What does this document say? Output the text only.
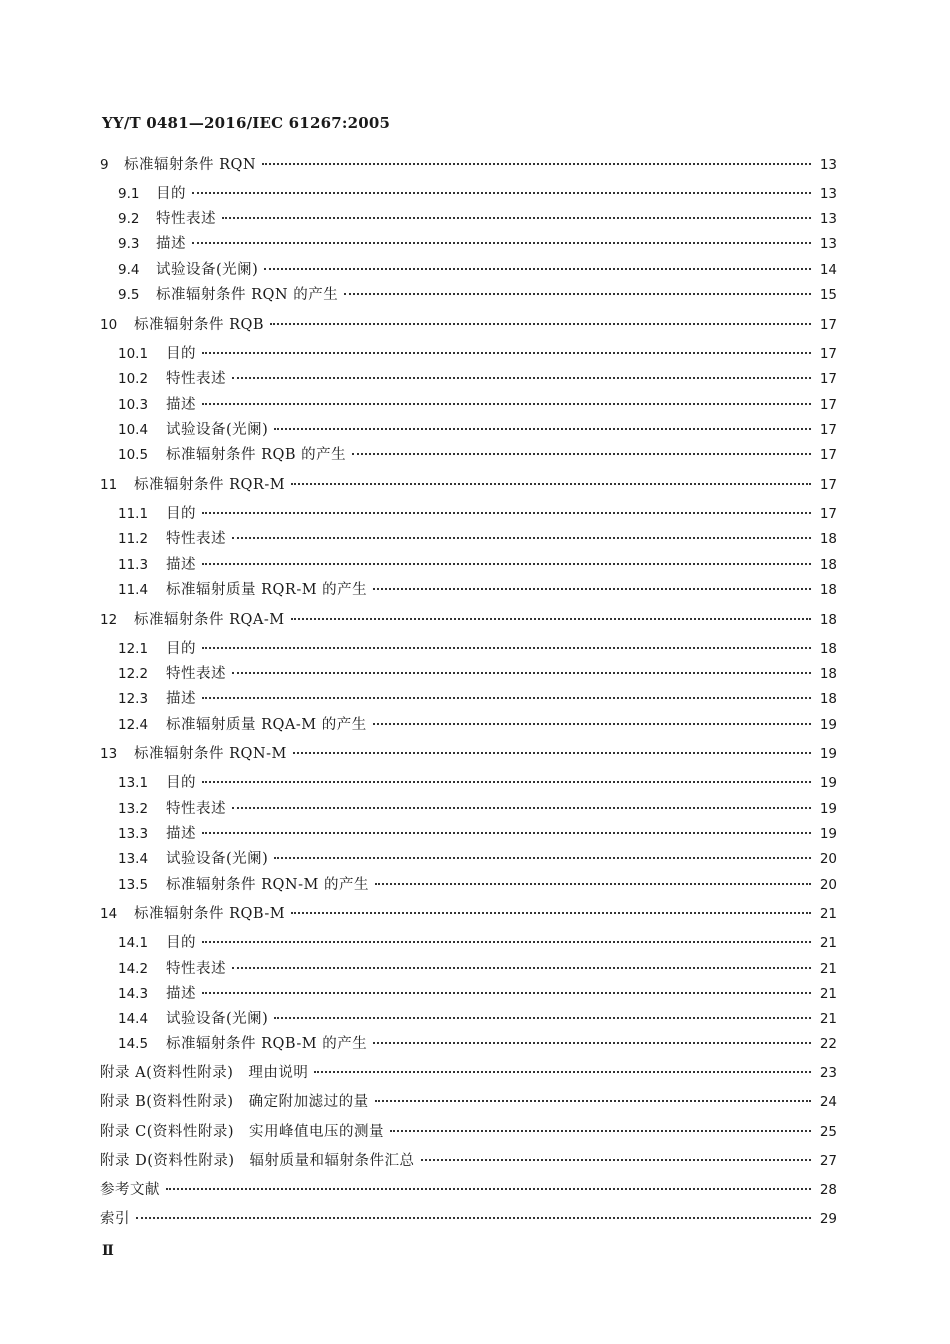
YY/T 0481—2016/IEC 61267:2005
9	标准辐射条件 RQN	13
9.1	目的	13
9.2	特性表述	13
9.3	描述	13
9.4	试验设备(光阑)	14
9.5	标准辐射条件 RQN 的产生	15
10	标准辐射条件 RQB	17
10.1	目的	17
10.2	特性表述	17
10.3	描述	17
10.4	试验设备(光阑)	17
10.5	标准辐射条件 RQB 的产生	17
11	标准辐射条件 RQR-M	17
11.1	目的	17
11.2	特性表述	18
11.3	描述	18
11.4	标准辐射质量 RQR-M 的产生	18
12	标准辐射条件 RQA-M	18
12.1	目的	18
12.2	特性表述	18
12.3	描述	18
12.4	标准辐射质量 RQA-M 的产生	19
13	标准辐射条件 RQN-M	19
13.1	目的	19
13.2	特性表述	19
13.3	描述	19
13.4	试验设备(光阑)	20
13.5	标准辐射条件 RQN-M 的产生	20
14	标准辐射条件 RQB-M	21
14.1	目的	21
14.2	特性表述	21
14.3	描述	21
14.4	试验设备(光阑)	21
14.5	标准辐射条件 RQB-M 的产生	22
附录 A(资料性附录)　理由说明	23
附录 B(资料性附录)　确定附加滤过的量	24
附录 C(资料性附录)　实用峰值电压的测量	25
附录 D(资料性附录)　辐射质量和辐射条件汇总	27
参考文献	28
索引	29
Ⅱ
